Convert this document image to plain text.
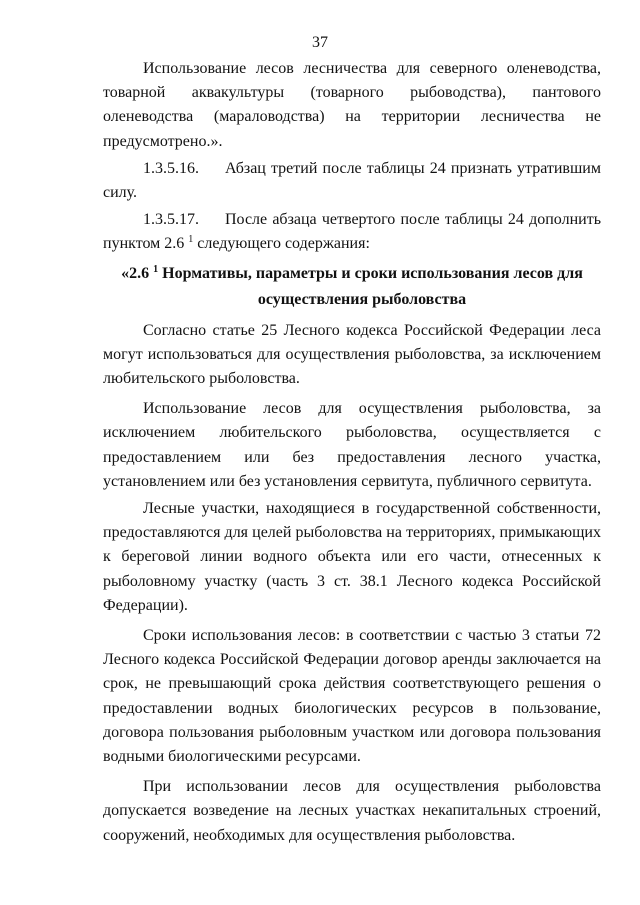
37

Использование лесов лесничества для северного оленеводства, товарной аквакультуры (товарного рыбоводства), пантового оленеводства (мараловодства) на территории лесничества не предусмотрено.».

1.3.5.16. Абзац третий после таблицы 24 признать утратившим силу.

1.3.5.17. После абзаца четвертого после таблицы 24 дополнить пунктом 2.6 $^1$ следующего содержания:

«2.6 $^1$ Нормативы, параметры и сроки использования лесов для
осуществления рыболовства

Согласно статье 25 Лесного кодекса Российской Федерации леса могут использоваться для осуществления рыболовства, за исключением любительского рыболовства.

Использование лесов для осуществления рыболовства, за исключением любительского рыболовства, осуществляется с предоставлением или без предоставления лесного участка, установлением или без установления сервитута, публичного сервитута.

Лесные участки, находящиеся в государственной собственности, предоставляются для целей рыболовства на территориях, примыкающих к береговой линии водного объекта или его части, отнесенных к рыболовному участку (часть 3 ст. 38.1 Лесного кодекса Российской Федерации).

Сроки использования лесов: в соответствии с частью 3 статьи 72 Лесного кодекса Российской Федерации договор аренды заключается на срок, не превышающий срока действия соответствующего решения о предоставлении водных биологических ресурсов в пользование, договора пользования рыболовным участком или договора пользования водными биологическими ресурсами.

При использовании лесов для осуществления рыболовства допускается возведение на лесных участках некапитальных строений, сооружений, необходимых для осуществления рыболовства.
